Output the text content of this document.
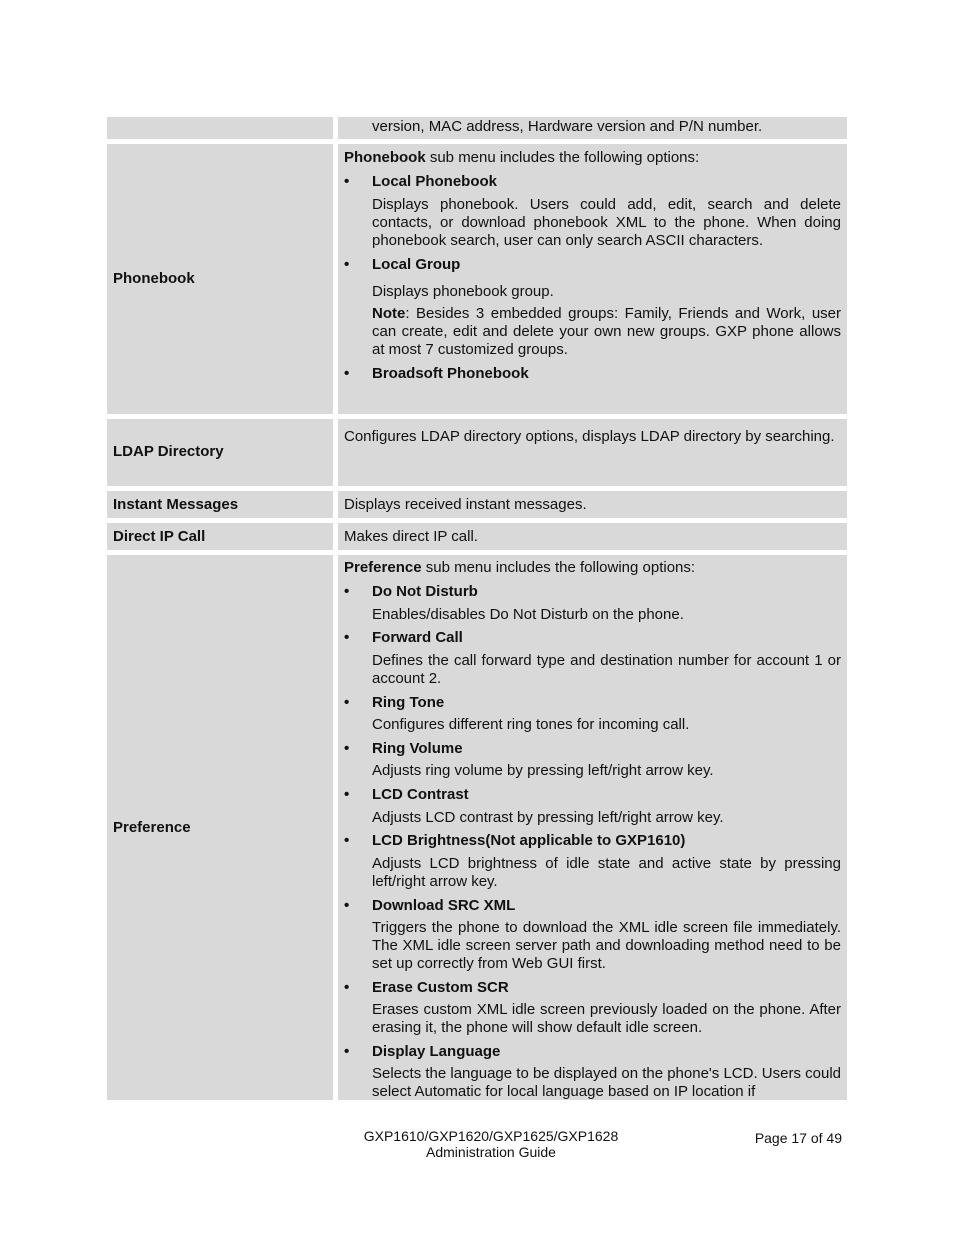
version, MAC address, Hardware version and P/N number.

Phonebook

Phonebook sub menu includes the following options:

• Local Phonebook

Displays phonebook. Users could add, edit, search and delete contacts, or download phonebook XML to the phone. When doing phonebook search, user can only search ASCII characters.

• Local Group

Displays phonebook group.

Note: Besides 3 embedded groups: Family, Friends and Work, user can create, edit and delete your own new groups. GXP phone allows at most 7 customized groups.

• Broadsoft Phonebook

LDAP Directory

Configures LDAP directory options, displays LDAP directory by searching.

Instant Messages	Displays received instant messages.

Direct IP Call	Makes direct IP call.

Preference

Preference sub menu includes the following options:

• Do Not Disturb

Enables/disables Do Not Disturb on the phone.

• Forward Call

Defines the call forward type and destination number for account 1 or account 2.

• Ring Tone

Configures different ring tones for incoming call.

• Ring Volume

Adjusts ring volume by pressing left/right arrow key.

• LCD Contrast

Adjusts LCD contrast by pressing left/right arrow key.

• LCD Brightness(Not applicable to GXP1610)

Adjusts LCD brightness of idle state and active state by pressing left/right arrow key.

• Download SRC XML

Triggers the phone to download the XML idle screen file immediately. The XML idle screen server path and downloading method need to be set up correctly from Web GUI first.

• Erase Custom SCR

Erases custom XML idle screen previously loaded on the phone. After erasing it, the phone will show default idle screen.

• Display Language

Selects the language to be displayed on the phone's LCD. Users could select Automatic for local language based on IP location if

GXP1610/GXP1620/GXP1625/GXP1628
Administration Guide
Page 17 of 49
